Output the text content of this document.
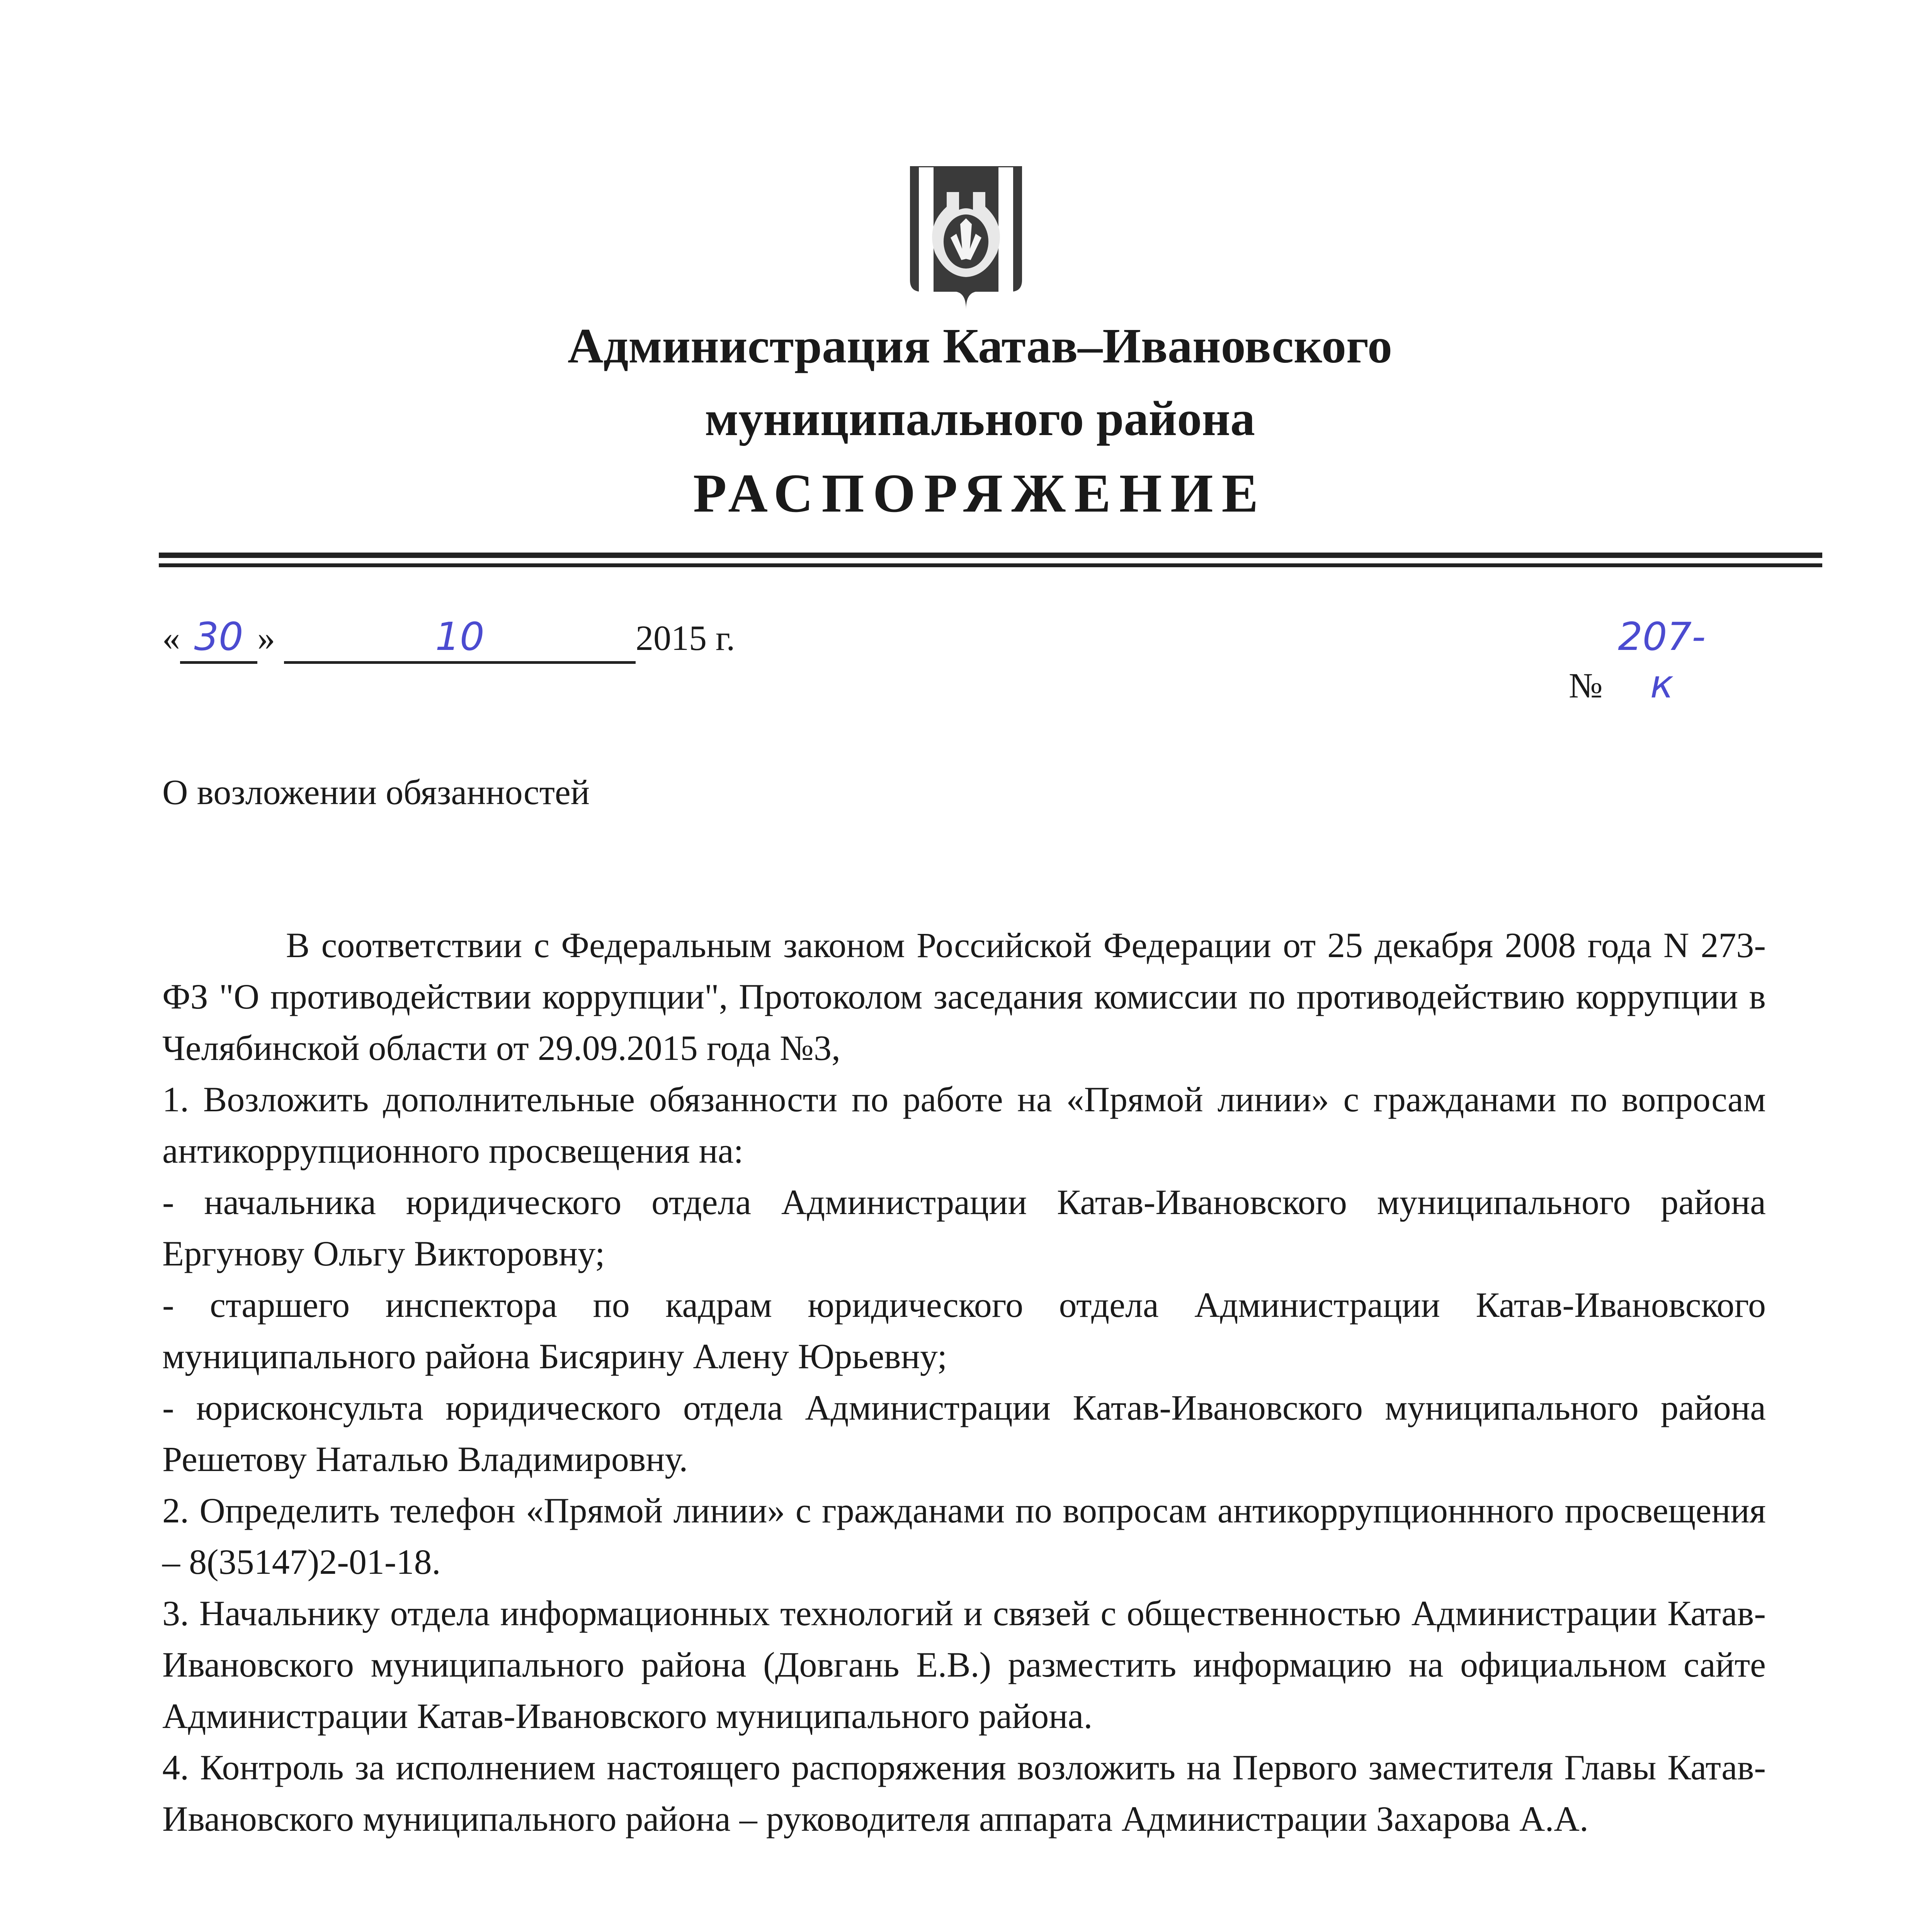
Администрация Катав–Ивановского
муниципального района
РАСПОРЯЖЕНИЕ
« 30 »	10	2015 г.
№ 207-к
О возложении обязанностей

В соответствии с Федеральным законом Российской Федерации от 25 декабря 2008 года N 273-ФЗ "О противодействии коррупции", Протоколом заседания комиссии по противодействию коррупции в Челябинской области от 29.09.2015 года №3,

1. Возложить дополнительные обязанности по работе на «Прямой линии» с гражданами по вопросам антикоррупционного просвещения на:

- начальника юридического отдела Администрации Катав-Ивановского муниципального района Ергунову Ольгу Викторовну;

- старшего инспектора по кадрам юридического отдела Администрации Катав-Ивановского муниципального района Бисярину Алену Юрьевну;

- юрисконсульта юридического отдела Администрации Катав-Ивановского муниципального района Решетову Наталью Владимировну.

2. Определить телефон «Прямой линии» с гражданами по вопросам антикоррупционнного просвещения – 8(35147)2-01-18.

3. Начальнику отдела информационных технологий и связей с общественностью Администрации Катав-Ивановского муниципального района (Довгань Е.В.) разместить информацию на официальном сайте Администрации Катав-Ивановского муниципального района.

4. Контроль за исполнением настоящего распоряжения возложить на Первого заместителя Главы Катав-Ивановского муниципального района – руководителя аппарата Администрации Захарова А.А.
